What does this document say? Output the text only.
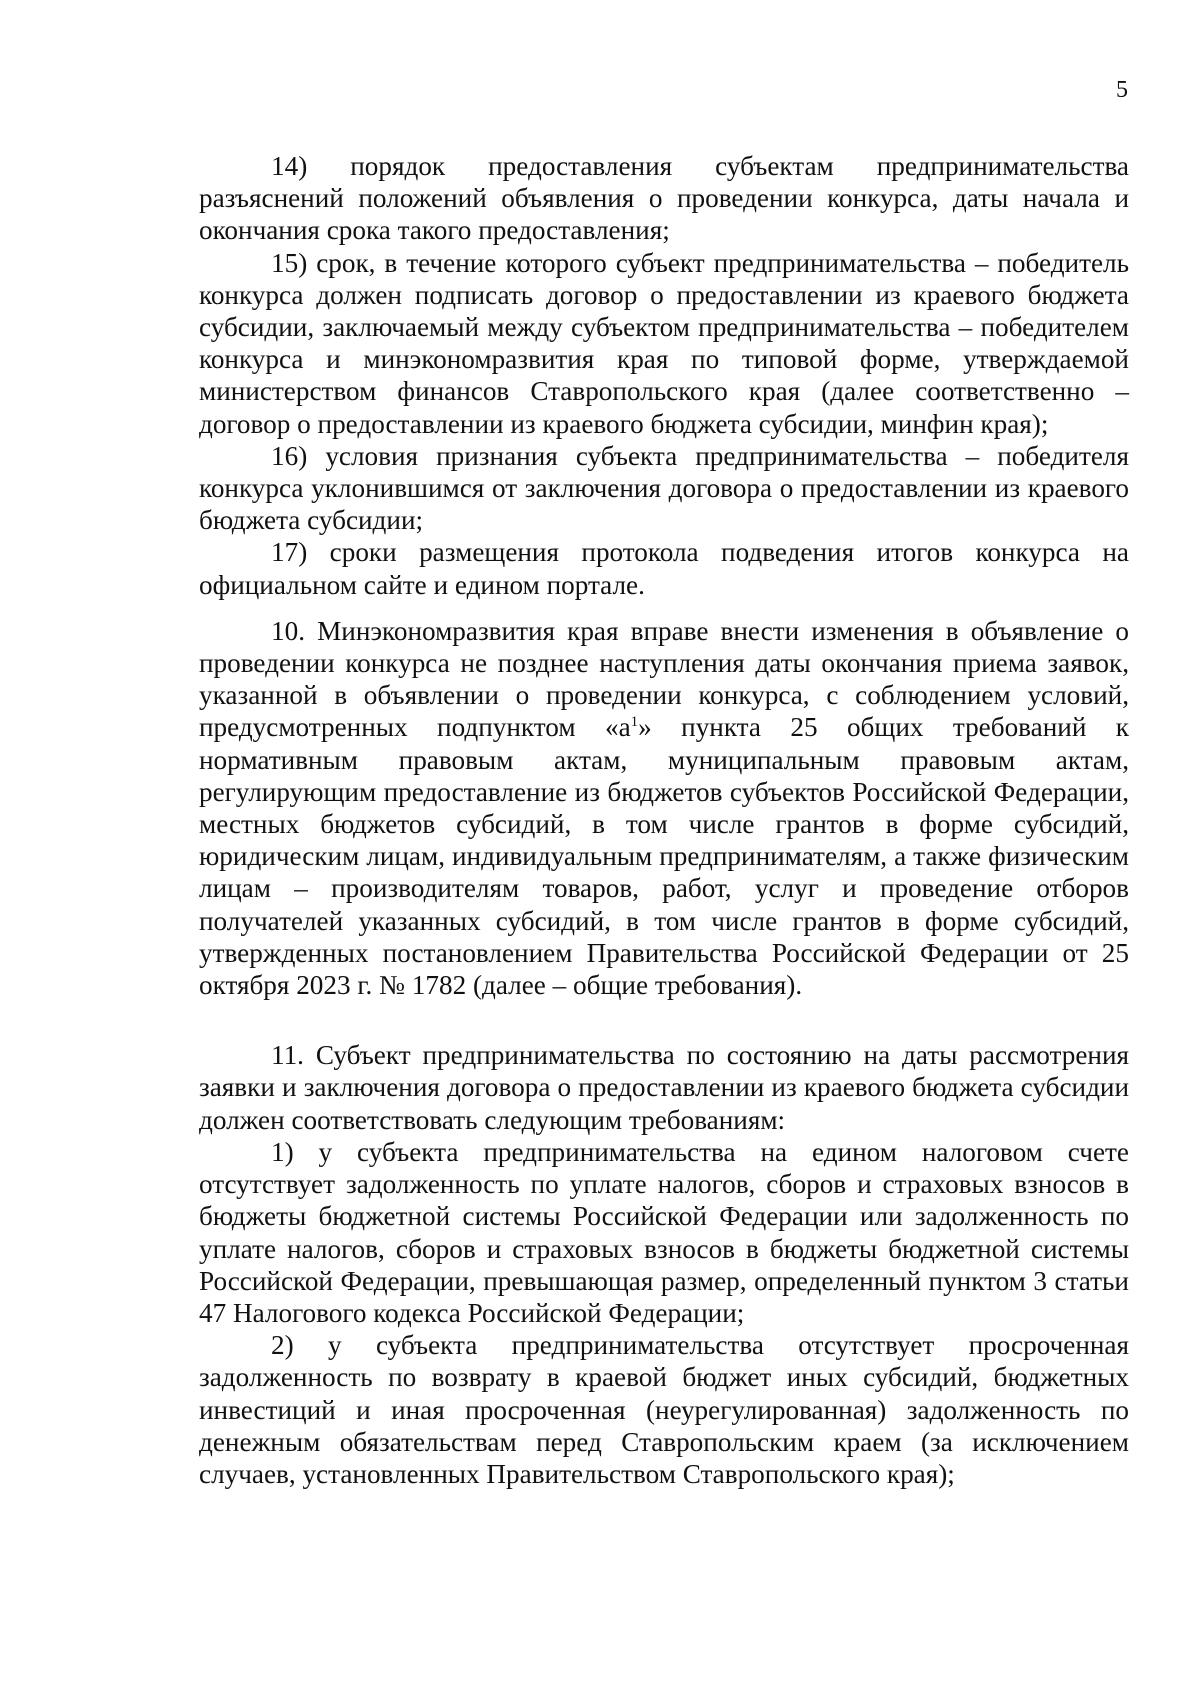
5

14) порядок предоставления субъектам предпринимательства разъяснений положений объявления о проведении конкурса, даты начала и окончания срока такого предоставления;

15) срок, в течение которого субъект предпринимательства – победитель конкурса должен подписать договор о предоставлении из краевого бюджета субсидии, заключаемый между субъектом предпринимательства – победителем конкурса и минэкономразвития края по типовой форме, утверждаемой министерством финансов Ставропольского края (далее соответственно – договор о предоставлении из краевого бюджета субсидии, минфин края);

16) условия признания субъекта предпринимательства – победителя конкурса уклонившимся от заключения договора о предоставлении из краевого бюджета субсидии;

17) сроки размещения протокола подведения итогов конкурса на официальном сайте и едином портале.

10. Минэкономразвития края вправе внести изменения в объявление о проведении конкурса не позднее наступления даты окончания приема заявок, указанной в объявлении о проведении конкурса, с соблюдением условий, предусмотренных подпунктом «$а^1$» пункта 25 общих требований к нормативным правовым актам, муниципальным правовым актам, регулирующим предоставление из бюджетов субъектов Российской Федерации, местных бюджетов субсидий, в том числе грантов в форме субсидий, юридическим лицам, индивидуальным предпринимателям, а также физическим лицам – производителям товаров, работ, услуг и проведение отборов получателей указанных субсидий, в том числе грантов в форме субсидий, утвержденных постановлением Правительства Российской Федерации от 25 октября 2023 г. № 1782 (далее – общие требования).

11. Субъект предпринимательства по состоянию на даты рассмотрения заявки и заключения договора о предоставлении из краевого бюджета субсидии должен соответствовать следующим требованиям:

1) у субъекта предпринимательства на едином налоговом счете отсутствует задолженность по уплате налогов, сборов и страховых взносов в бюджеты бюджетной системы Российской Федерации или задолженность по уплате налогов, сборов и страховых взносов в бюджеты бюджетной системы Российской Федерации, превышающая размер, определенный пунктом 3 статьи 47 Налогового кодекса Российской Федерации;

2) у субъекта предпринимательства отсутствует просроченная задолженность по возврату в краевой бюджет иных субсидий, бюджетных инвестиций и иная просроченная (неурегулированная) задолженность по денежным обязательствам перед Ставропольским краем (за исключением случаев, установленных Правительством Ставропольского края);
